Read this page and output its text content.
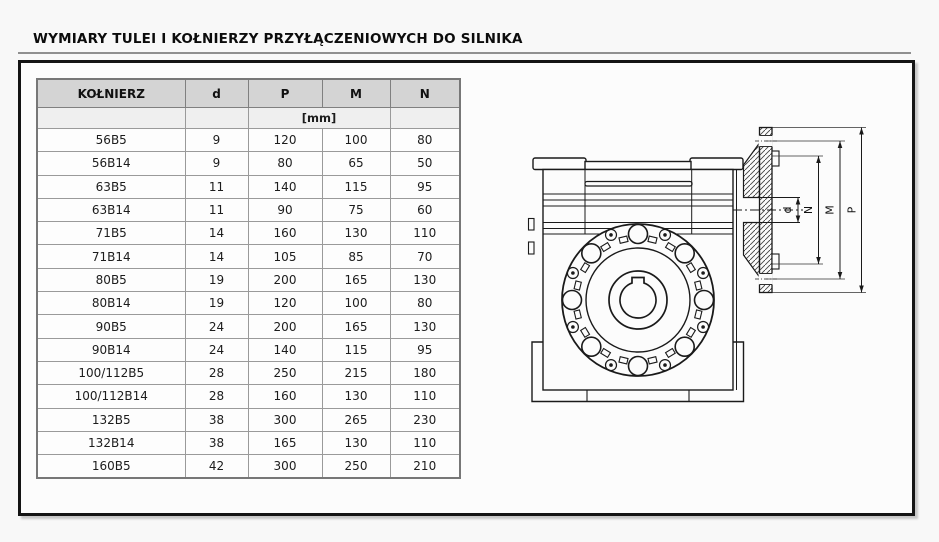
WYMIARY TULEI I KOŁNIERZY PRZYŁĄCZENIOWYCH DO SILNIKA
KOŁNIERZ	d	P	M	N
		[mm]		
56B5	9	120	100	80
56B14	9	80	65	50
63B5	11	140	115	95
63B14	11	90	75	60
71B5	14	160	130	110
71B14	14	105	85	70
80B5	19	200	165	130
80B14	19	120	100	80
90B5	24	200	165	130
90B14	24	140	115	95
100/112B5	28	250	215	180
100/112B14	28	160	130	110
132B5	38	300	265	230
132B14	38	165	130	110
160B5	42	300	250	210
d N M P
